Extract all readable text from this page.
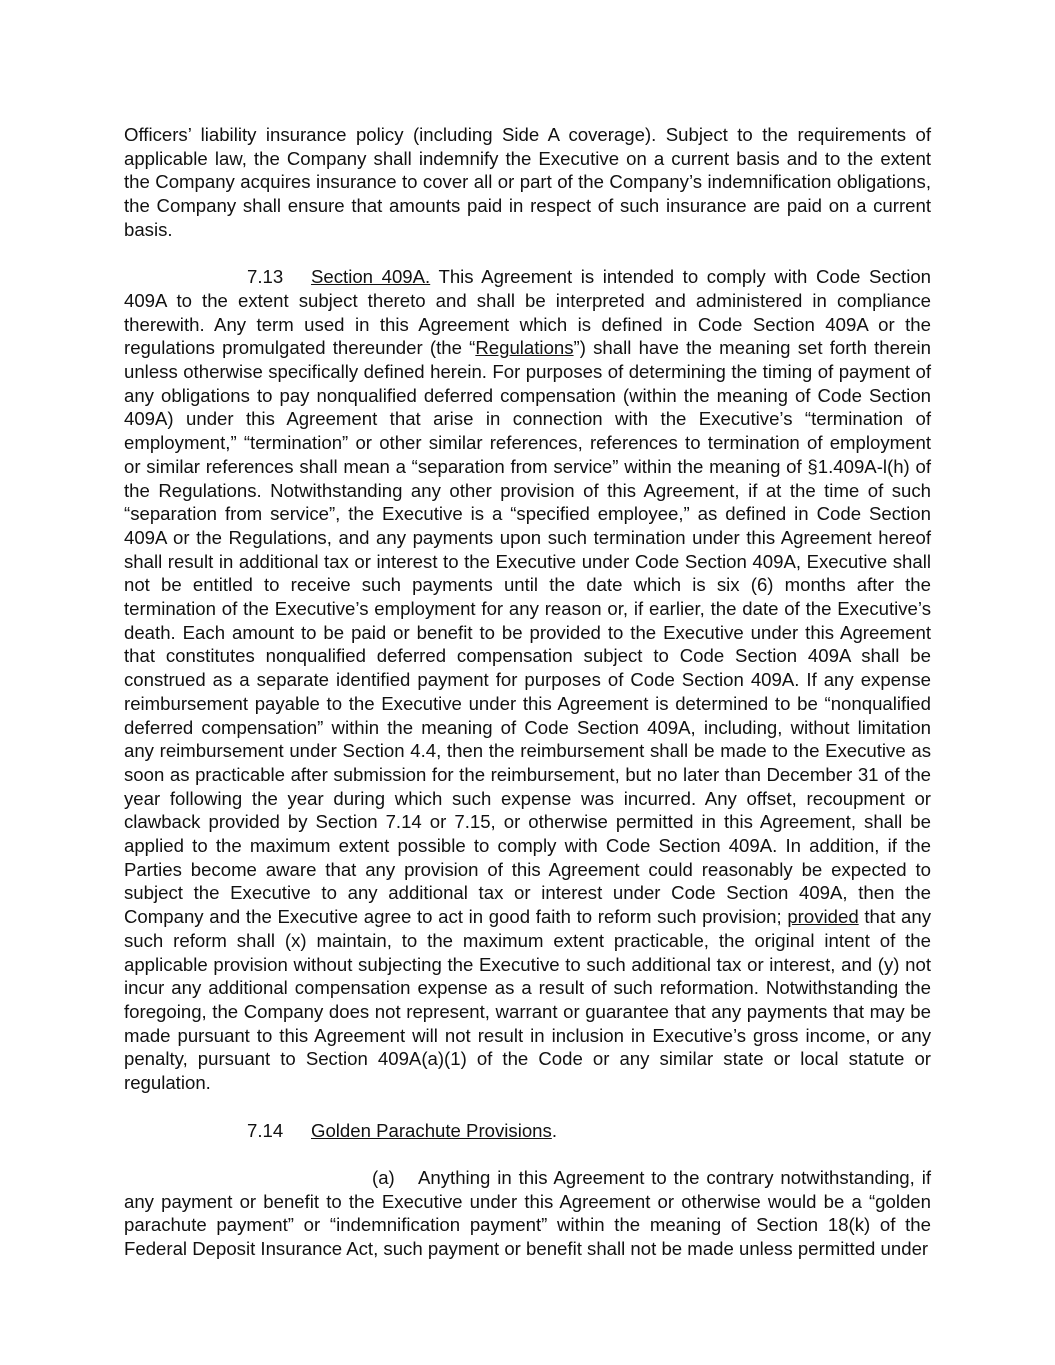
Officers’ liability insurance policy (including Side A coverage). Subject to the requirements of applicable law, the Company shall indemnify the Executive on a current basis and to the extent the Company acquires insurance to cover all or part of the Company’s indemnification obligations, the Company shall ensure that amounts paid in respect of such insurance are paid on a current basis.

7.13 Section 409A. This Agreement is intended to comply with Code Section 409A to the extent subject thereto and shall be interpreted and administered in compliance therewith. Any term used in this Agreement which is defined in Code Section 409A or the regulations promulgated thereunder (the “Regulations”) shall have the meaning set forth therein unless otherwise specifically defined herein. For purposes of determining the timing of payment of any obligations to pay nonqualified deferred compensation (within the meaning of Code Section 409A) under this Agreement that arise in connection with the Executive’s “termination of employment,” “termination” or other similar references, references to termination of employment or similar references shall mean a “separation from service” within the meaning of §1.409A-l(h) of the Regulations. Notwithstanding any other provision of this Agreement, if at the time of such “separation from service”, the Executive is a “specified employee,” as defined in Code Section 409A or the Regulations, and any payments upon such termination under this Agreement hereof shall result in additional tax or interest to the Executive under Code Section 409A, Executive shall not be entitled to receive such payments until the date which is six (6) months after the termination of the Executive’s employment for any reason or, if earlier, the date of the Executive’s death. Each amount to be paid or benefit to be provided to the Executive under this Agreement that constitutes nonqualified deferred compensation subject to Code Section 409A shall be construed as a separate identified payment for purposes of Code Section 409A. If any expense reimbursement payable to the Executive under this Agreement is determined to be “nonqualified deferred compensation” within the meaning of Code Section 409A, including, without limitation any reimbursement under Section 4.4, then the reimbursement shall be made to the Executive as soon as practicable after submission for the reimbursement, but no later than December 31 of the year following the year during which such expense was incurred. Any offset, recoupment or clawback provided by Section 7.14 or 7.15, or otherwise permitted in this Agreement, shall be applied to the maximum extent possible to comply with Code Section 409A. In addition, if the Parties become aware that any provision of this Agreement could reasonably be expected to subject the Executive to any additional tax or interest under Code Section 409A, then the Company and the Executive agree to act in good faith to reform such provision; provided that any such reform shall (x) maintain, to the maximum extent practicable, the original intent of the applicable provision without subjecting the Executive to such additional tax or interest, and (y) not incur any additional compensation expense as a result of such reformation. Notwithstanding the foregoing, the Company does not represent, warrant or guarantee that any payments that may be made pursuant to this Agreement will not result in inclusion in Executive’s gross income, or any penalty, pursuant to Section 409A(a)(1) of the Code or any similar state or local statute or regulation.

7.14 Golden Parachute Provisions.

(a) Anything in this Agreement to the contrary notwithstanding, if any payment or benefit to the Executive under this Agreement or otherwise would be a “golden parachute payment” or “indemnification payment” within the meaning of Section 18(k) of the Federal Deposit Insurance Act, such payment or benefit shall not be made unless permitted under
